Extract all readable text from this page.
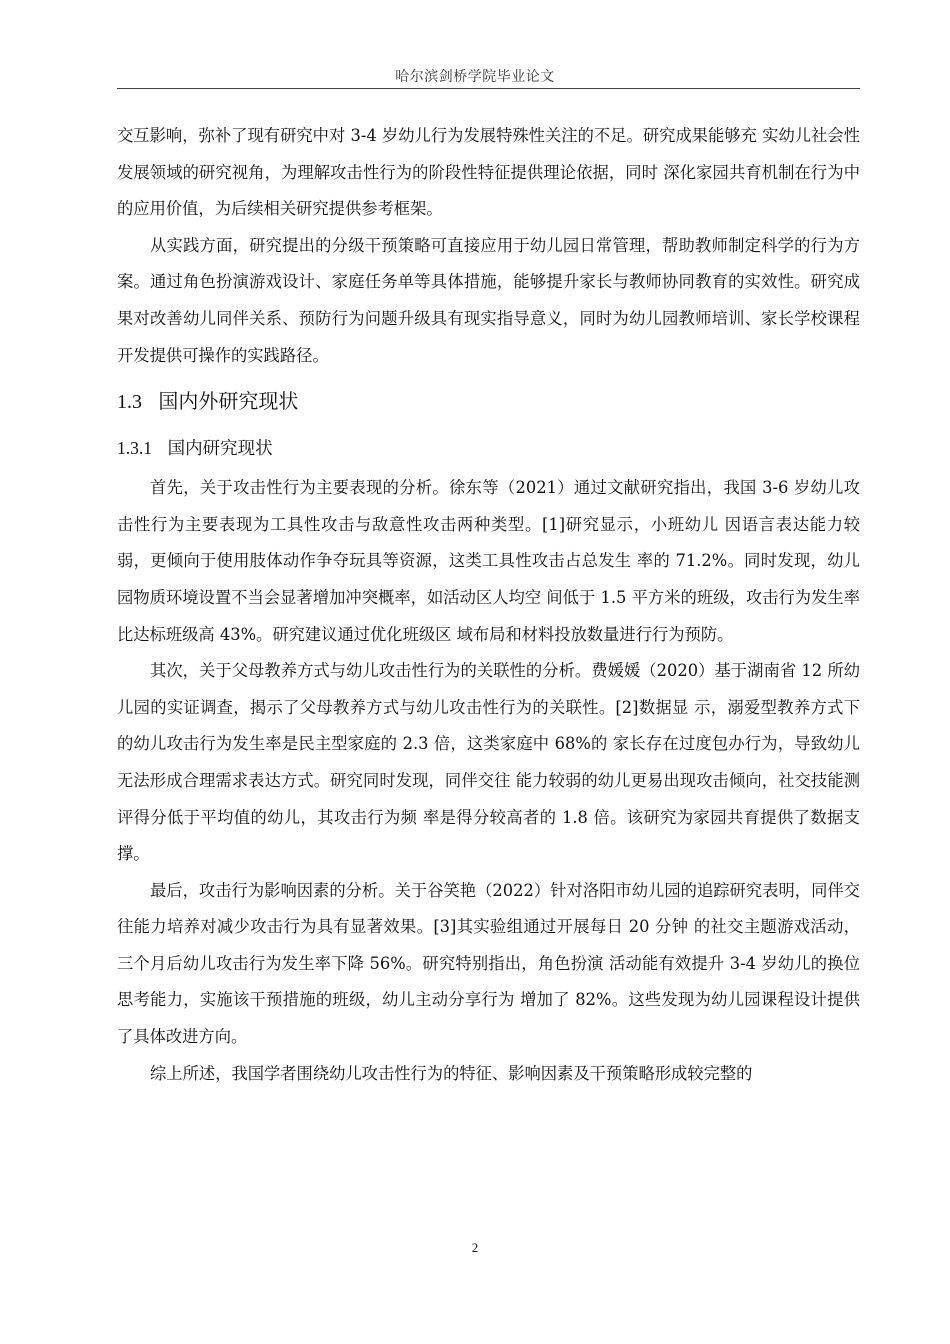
哈尔滨剑桥学院毕业论文

交互影响，弥补了现有研究中对 3-4 岁幼儿行为发展特殊性关注的不足。研究成果能够充 实幼儿社会性发展领域的研究视角，为理解攻击性行为的阶段性特征提供理论依据，同时 深化家园共育机制在行为中的应用价值，为后续相关研究提供参考框架。

从实践方面，研究提出的分级干预策略可直接应用于幼儿园日常管理，帮助教师制定科学的行为方案。通过角色扮演游戏设计、家庭任务单等具体措施，能够提升家长与教师协同教育的实效性。研究成果对改善幼儿同伴关系、预防行为问题升级具有现实指导意义，同时为幼儿园教师培训、家长学校课程开发提供可操作的实践路径。

1.3 国内外研究现状
1.3.1 国内研究现状

首先，关于攻击性行为主要表现的分析。徐东等（2021）通过文献研究指出，我国 3-6 岁幼儿攻击性行为主要表现为工具性攻击与敌意性攻击两种类型。[1]研究显示，小班幼儿 因语言表达能力较弱，更倾向于使用肢体动作争夺玩具等资源，这类工具性攻击占总发生 率的 71.2%。同时发现，幼儿园物质环境设置不当会显著增加冲突概率，如活动区人均空 间低于 1.5 平方米的班级，攻击行为发生率比达标班级高 43%。研究建议通过优化班级区 域布局和材料投放数量进行行为预防。

其次，关于父母教养方式与幼儿攻击性行为的关联性的分析。费媛媛（2020）基于湖南省 12 所幼儿园的实证调查，揭示了父母教养方式与幼儿攻击性行为的关联性。[2]数据显 示，溺爱型教养方式下的幼儿攻击行为发生率是民主型家庭的 2.3 倍，这类家庭中 68%的 家长存在过度包办行为，导致幼儿无法形成合理需求表达方式。研究同时发现，同伴交往 能力较弱的幼儿更易出现攻击倾向，社交技能测评得分低于平均值的幼儿，其攻击行为频 率是得分较高者的 1.8 倍。该研究为家园共育提供了数据支撑。

最后，攻击行为影响因素的分析。关于谷笑艳（2022）针对洛阳市幼儿园的追踪研究表明，同伴交往能力培养对减少攻击行为具有显著效果。[3]其实验组通过开展每日 20 分钟 的社交主题游戏活动，三个月后幼儿攻击行为发生率下降 56%。研究特别指出，角色扮演 活动能有效提升 3-4 岁幼儿的换位思考能力，实施该干预措施的班级，幼儿主动分享行为 增加了 82%。这些发现为幼儿园课程设计提供了具体改进方向。

综上所述，我国学者围绕幼儿攻击性行为的特征、影响因素及干预策略形成较完整的

2
